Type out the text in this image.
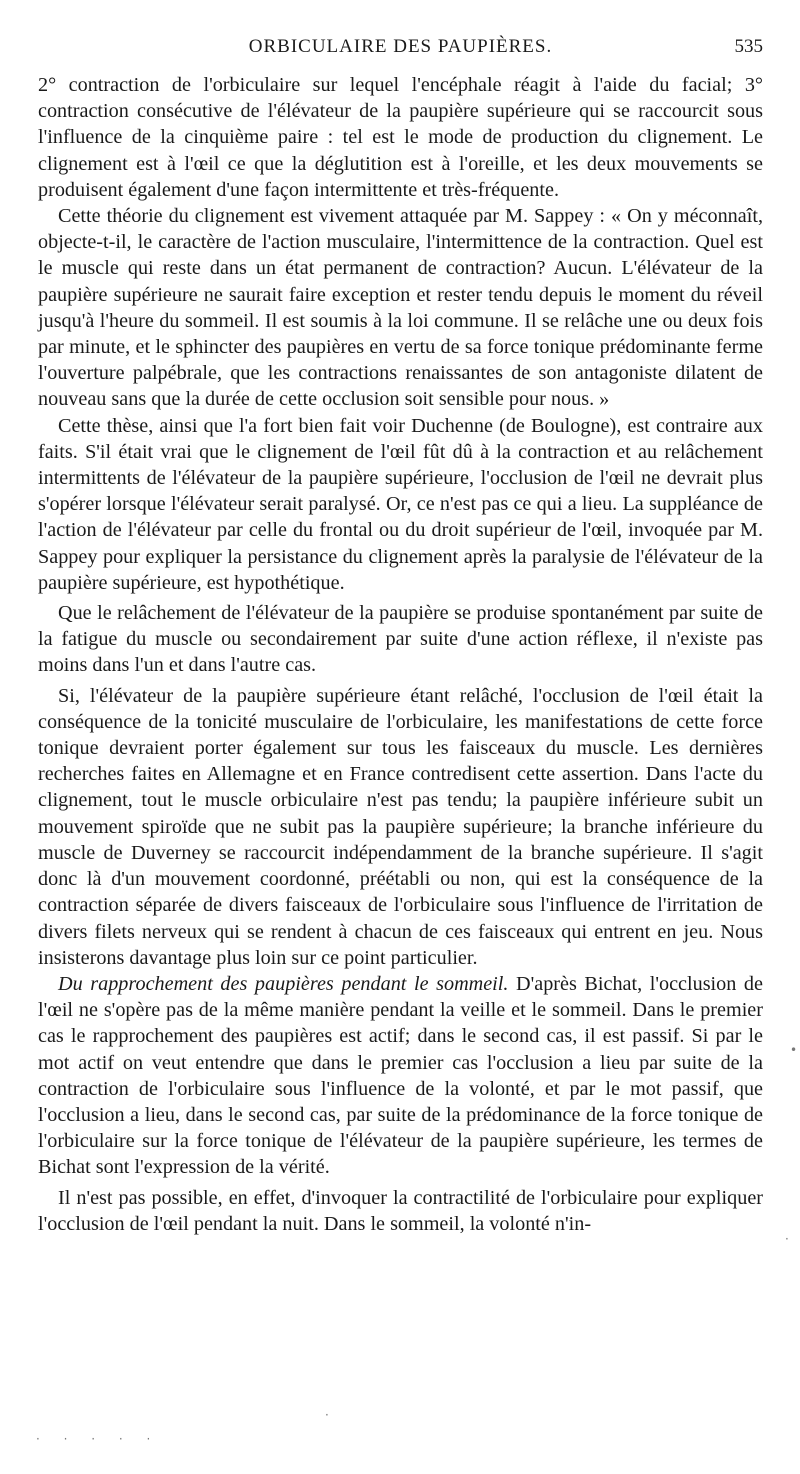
ORBICULAIRE DES PAUPIÈRES.	535

2° contraction de l'orbiculaire sur lequel l'encéphale réagit à l'aide du facial; 3° contraction consécutive de l'élévateur de la paupière supérieure qui se raccourcit sous l'influence de la cinquième paire : tel est le mode de production du clignement. Le clignement est à l'œil ce que la déglutition est à l'oreille, et les deux mouvements se produisent également d'une façon intermittente et très-fréquente.

Cette théorie du clignement est vivement attaquée par M. Sappey : « On y méconnaît, objecte-t-il, le caractère de l'action musculaire, l'intermittence de la contraction. Quel est le muscle qui reste dans un état permanent de contraction? Aucun. L'élévateur de la paupière supérieure ne saurait faire exception et rester tendu depuis le moment du réveil jusqu'à l'heure du sommeil. Il est soumis à la loi commune. Il se relâche une ou deux fois par minute, et le sphincter des paupières en vertu de sa force tonique prédominante ferme l'ouverture palpébrale, que les contractions renaissantes de son antagoniste dilatent de nouveau sans que la durée de cette occlusion soit sensible pour nous. »

Cette thèse, ainsi que l'a fort bien fait voir Duchenne (de Boulogne), est contraire aux faits. S'il était vrai que le clignement de l'œil fût dû à la contraction et au relâchement intermittents de l'élévateur de la paupière supérieure, l'occlusion de l'œil ne devrait plus s'opérer lorsque l'élévateur serait paralysé. Or, ce n'est pas ce qui a lieu. La suppléance de l'action de l'élévateur par celle du frontal ou du droit supérieur de l'œil, invoquée par M. Sappey pour expliquer la persistance du clignement après la paralysie de l'élévateur de la paupière supérieure, est hypothétique.

Que le relâchement de l'élévateur de la paupière se produise spontanément par suite de la fatigue du muscle ou secondairement par suite d'une action réflexe, il n'existe pas moins dans l'un et dans l'autre cas.

Si, l'élévateur de la paupière supérieure étant relâché, l'occlusion de l'œil était la conséquence de la tonicité musculaire de l'orbiculaire, les manifestations de cette force tonique devraient porter également sur tous les faisceaux du muscle. Les dernières recherches faites en Allemagne et en France contredisent cette assertion. Dans l'acte du clignement, tout le muscle orbiculaire n'est pas tendu; la paupière inférieure subit un mouvement spiroïde que ne subit pas la paupière supérieure; la branche inférieure du muscle de Duverney se raccourcit indépendamment de la branche supérieure. Il s'agit donc là d'un mouvement coordonné, préétabli ou non, qui est la conséquence de la contraction séparée de divers faisceaux de l'orbiculaire sous l'influence de l'irritation de divers filets nerveux qui se rendent à chacun de ces faisceaux qui entrent en jeu. Nous insisterons davantage plus loin sur ce point particulier.

Du rapprochement des paupières pendant le sommeil. D'après Bichat, l'occlusion de l'œil ne s'opère pas de la même manière pendant la veille et le sommeil. Dans le premier cas le rapprochement des paupières est actif; dans le second cas, il est passif. Si par le mot actif on veut entendre que dans le premier cas l'occlusion a lieu par suite de la contraction de l'orbiculaire sous l'influence de la volonté, et par le mot passif, que l'occlusion a lieu, dans le second cas, par suite de la prédominance de la force tonique de l'orbiculaire sur la force tonique de l'élévateur de la paupière supérieure, les termes de Bichat sont l'expression de la vérité.

Il n'est pas possible, en effet, d'invoquer la contractilité de l'orbiculaire pour expliquer l'occlusion de l'œil pendant la nuit. Dans le sommeil, la volonté n'in-

•
·
·
· · · · ·
